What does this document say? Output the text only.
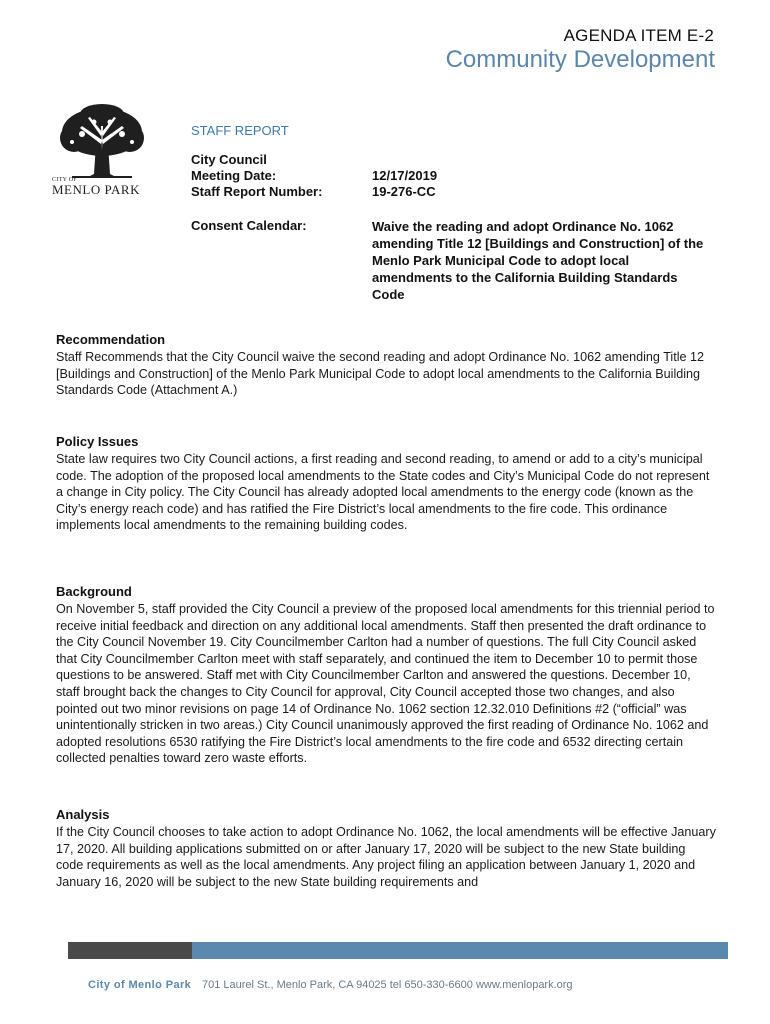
AGENDA ITEM E-2
Community Development
CITY OF
MENLO PARK
STAFF REPORT
City Council
Meeting Date:	12/17/2019
Staff Report Number:	19-276-CC
Consent Calendar:	Waive the reading and adopt Ordinance No. 1062 amending Title 12 [Buildings and Construction] of the Menlo Park Municipal Code to adopt local amendments to the California Building Standards Code
Recommendation

Staff Recommends that the City Council waive the second reading and adopt Ordinance No. 1062 amending Title 12 [Buildings and Construction] of the Menlo Park Municipal Code to adopt local amendments to the California Building Standards Code (Attachment A.)

Policy Issues

State law requires two City Council actions, a first reading and second reading, to amend or add to a city’s municipal code. The adoption of the proposed local amendments to the State codes and City’s Municipal Code do not represent a change in City policy. The City Council has already adopted local amendments to the energy code (known as the City’s energy reach code) and has ratified the Fire District’s local amendments to the fire code. This ordinance implements local amendments to the remaining building codes.

Background

On November 5, staff provided the City Council a preview of the proposed local amendments for this triennial period to receive initial feedback and direction on any additional local amendments. Staff then presented the draft ordinance to the City Council November 19. City Councilmember Carlton had a number of questions. The full City Council asked that City Councilmember Carlton meet with staff separately, and continued the item to December 10 to permit those questions to be answered. Staff met with City Councilmember Carlton and answered the questions. December 10, staff brought back the changes to City Council for approval, City Council accepted those two changes, and also pointed out two minor revisions on page 14 of Ordinance No. 1062 section 12.32.010 Definitions #2 (“official” was unintentionally stricken in two areas.) City Council unanimously approved the first reading of Ordinance No. 1062 and adopted resolutions 6530 ratifying the Fire District’s local amendments to the fire code and 6532 directing certain collected penalties toward zero waste efforts.

Analysis

If the City Council chooses to take action to adopt Ordinance No. 1062, the local amendments will be effective January 17, 2020. All building applications submitted on or after January 17, 2020 will be subject to the new State building code requirements as well as the local amendments. Any project filing an application between January 1, 2020 and January 16, 2020 will be subject to the new State building requirements and

City of Menlo Park 701 Laurel St., Menlo Park, CA 94025 tel 650-330-6600 www.menlopark.org
